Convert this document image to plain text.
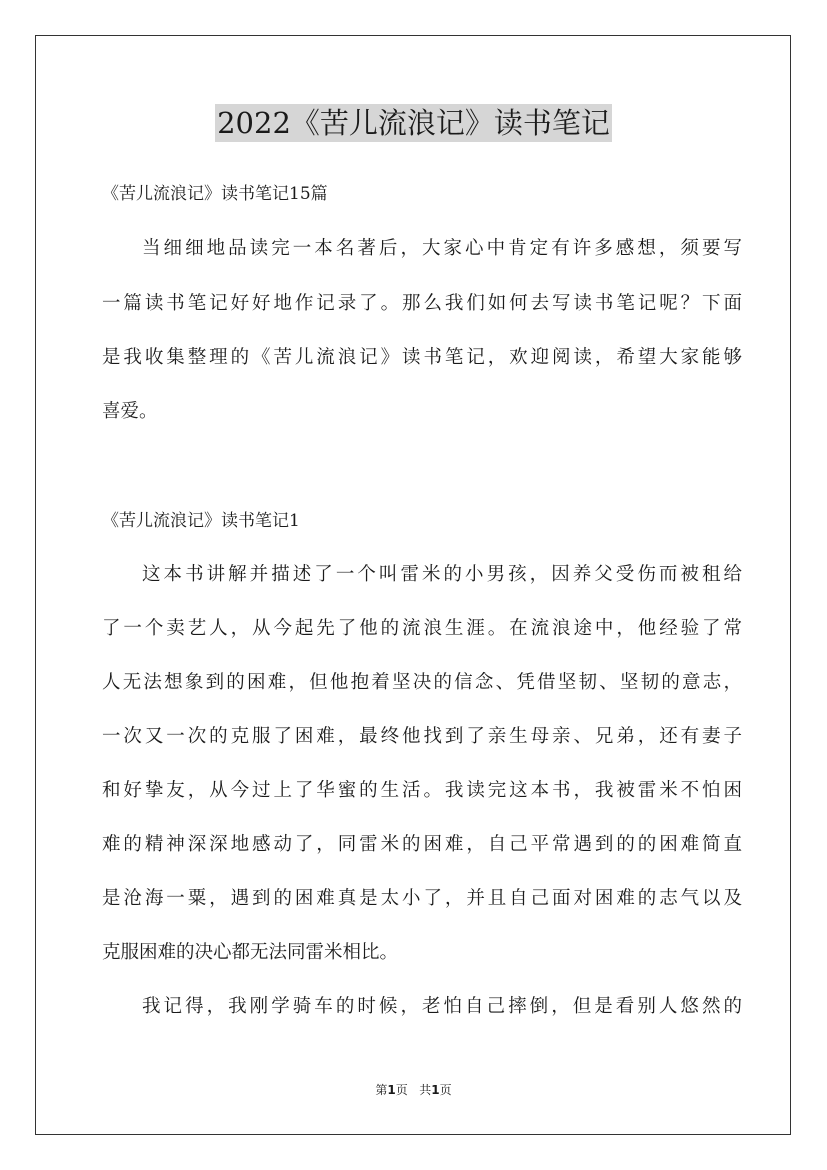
2022《苦儿流浪记》读书笔记
《苦儿流浪记》读书笔记15篇
当细细地品读完一本名著后，大家心中肯定有许多感想，须要写
一篇读书笔记好好地作记录了。那么我们如何去写读书笔记呢？下面
是我收集整理的《苦儿流浪记》读书笔记，欢迎阅读，希望大家能够
喜爱。
《苦儿流浪记》读书笔记1
这本书讲解并描述了一个叫雷米的小男孩，因养父受伤而被租给
了一个卖艺人，从今起先了他的流浪生涯。在流浪途中，他经验了常
人无法想象到的困难，但他抱着坚决的信念、凭借坚韧、坚韧的意志，
一次又一次的克服了困难，最终他找到了亲生母亲、兄弟，还有妻子
和好挚友，从今过上了华蜜的生活。我读完这本书，我被雷米不怕困
难的精神深深地感动了，同雷米的困难，自己平常遇到的的困难简直
是沧海一粟，遇到的困难真是太小了，并且自己面对困难的志气以及
克服困难的决心都无法同雷米相比。
我记得，我刚学骑车的时候，老怕自己摔倒，但是看别人悠然的
第1页 共1页
